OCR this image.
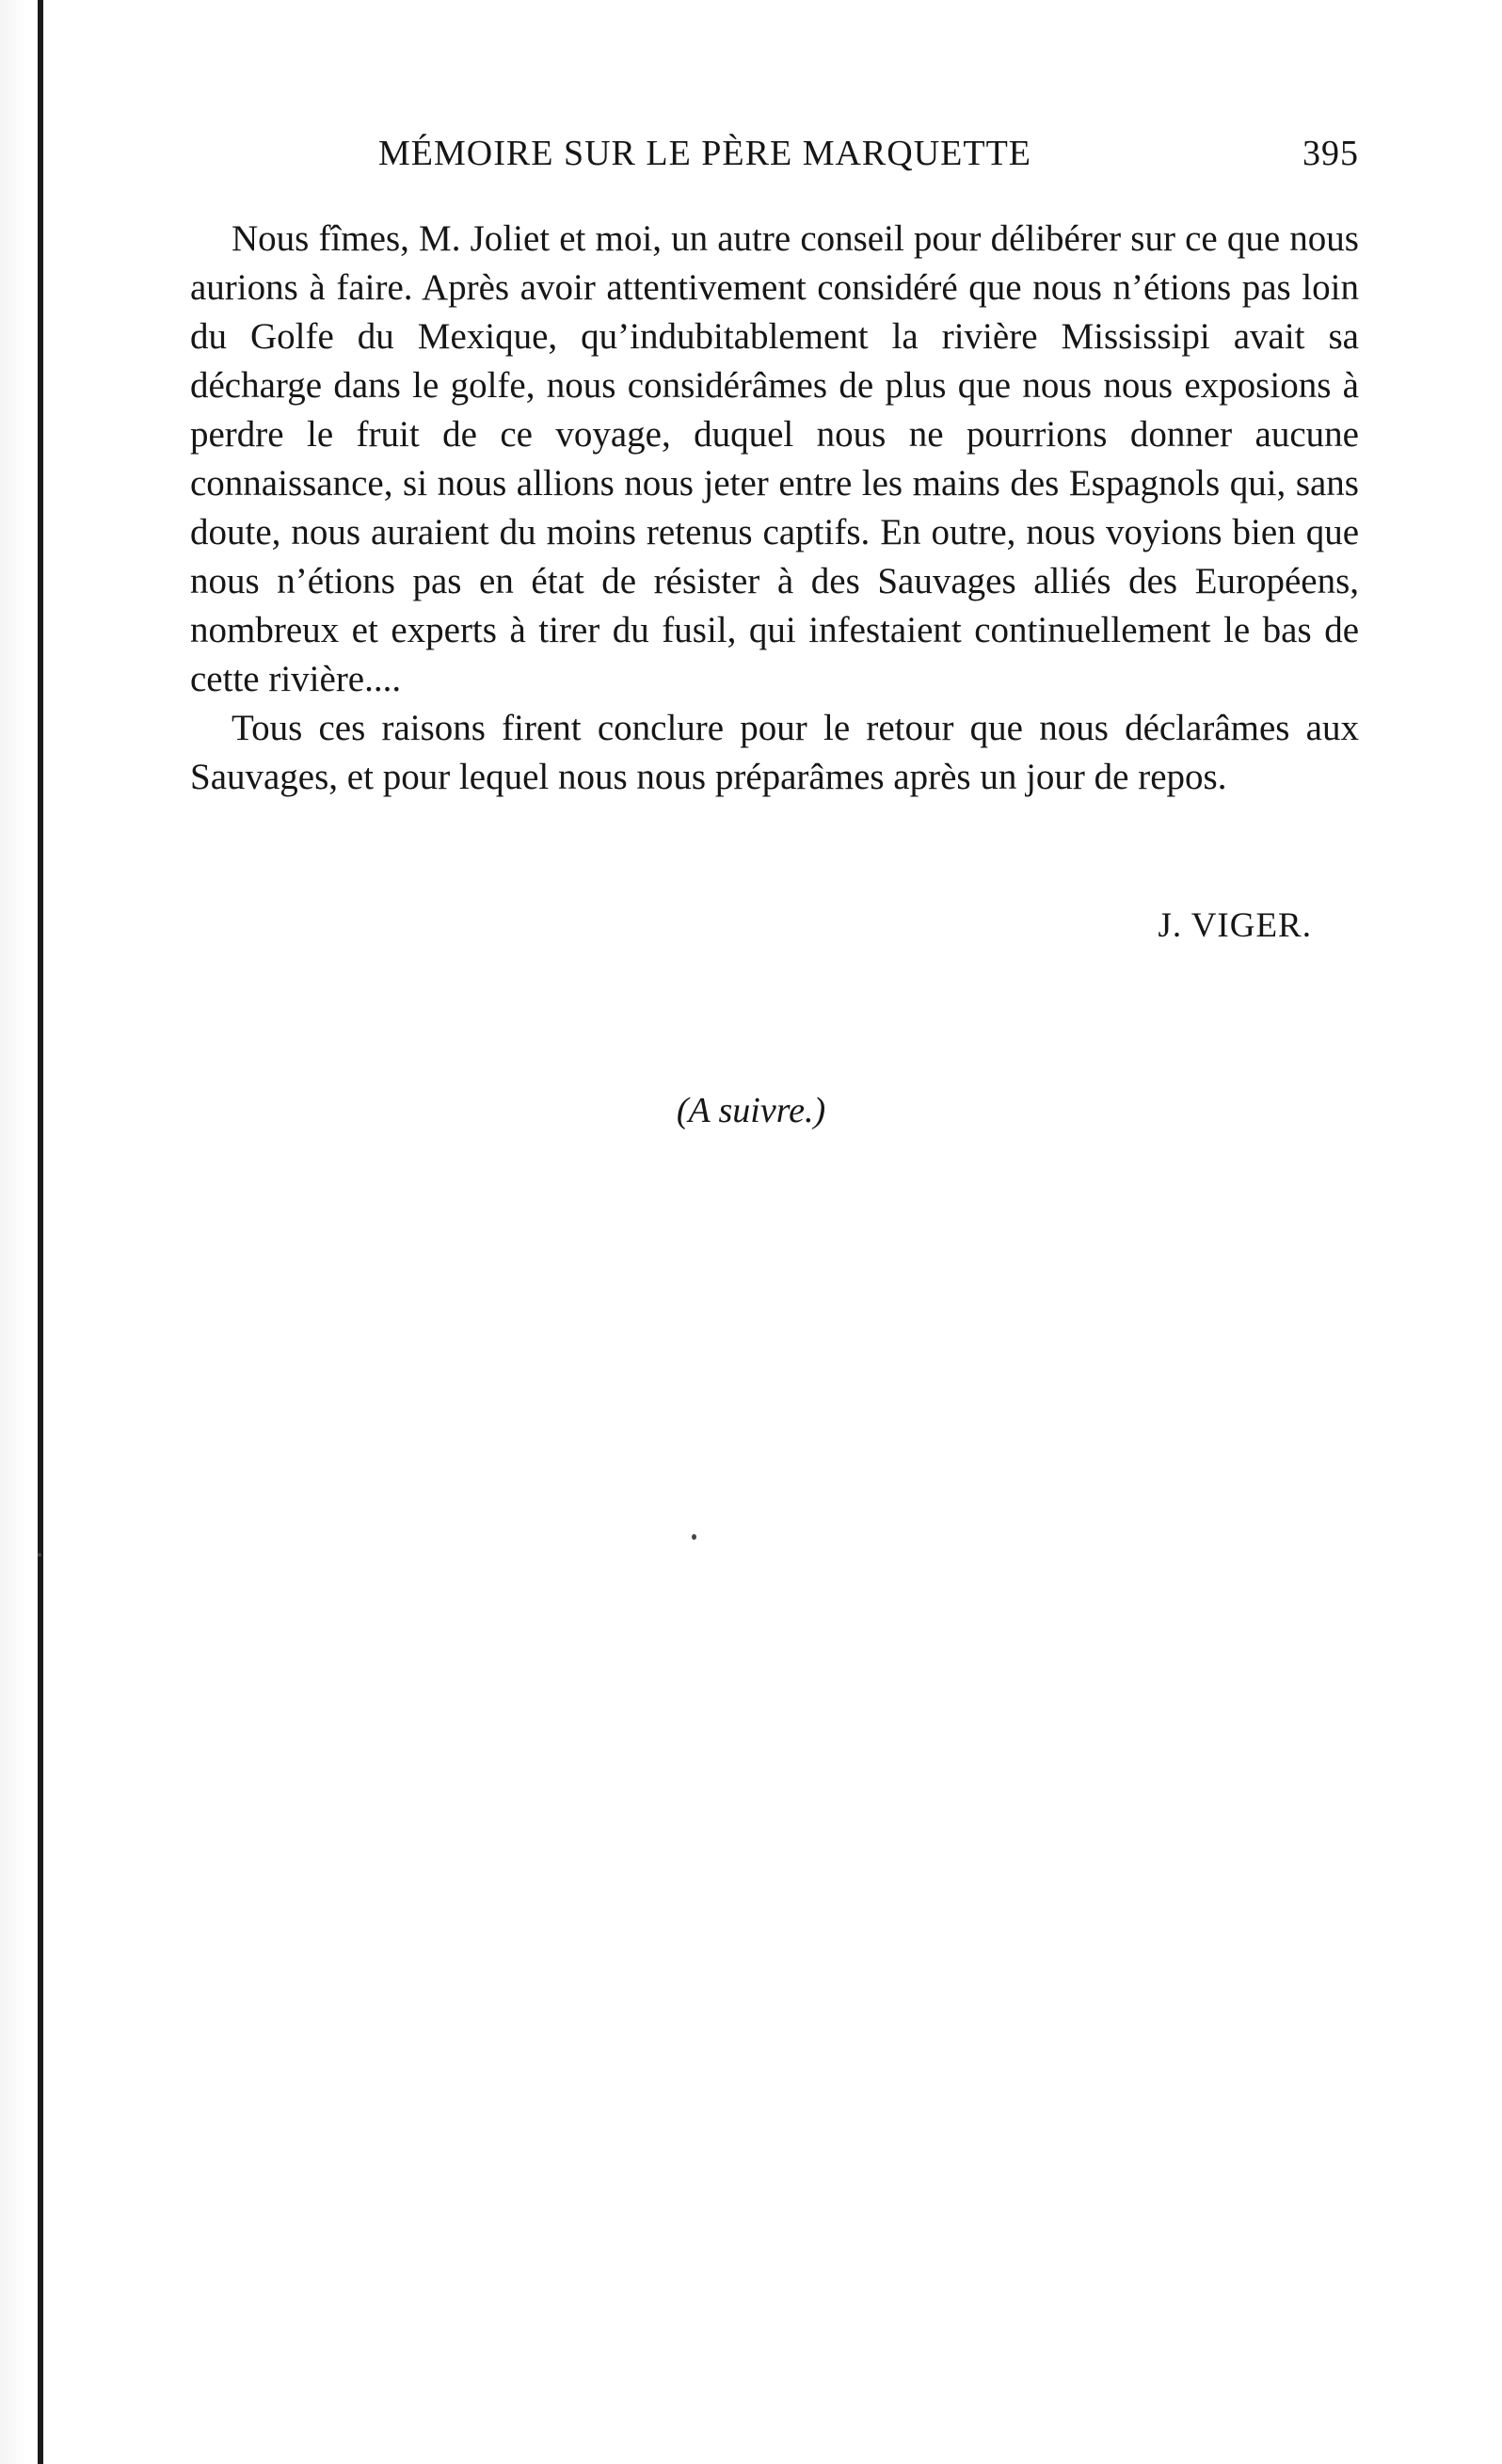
MÉMOIRE SUR LE PÈRE MARQUETTE	395

Nous fîmes, M. Joliet et moi, un autre conseil pour délibérer sur ce que nous aurions à faire. Après avoir attentivement considéré que nous n’étions pas loin du Golfe du Mexique, qu’indubitablement la rivière Mississipi avait sa décharge dans le golfe, nous considérâmes de plus que nous nous exposions à perdre le fruit de ce voyage, duquel nous ne pourrions donner aucune connaissance, si nous allions nous jeter entre les mains des Espagnols qui, sans doute, nous auraient du moins retenus captifs. En outre, nous voyions bien que nous n’étions pas en état de résister à des Sauvages alliés des Européens, nombreux et experts à tirer du fusil, qui infestaient continuellement le bas de cette rivière....

Tous ces raisons firent conclure pour le retour que nous déclarâmes aux Sauvages, et pour lequel nous nous préparâmes après un jour de repos.

J. VIGER.
(A suivre.)
